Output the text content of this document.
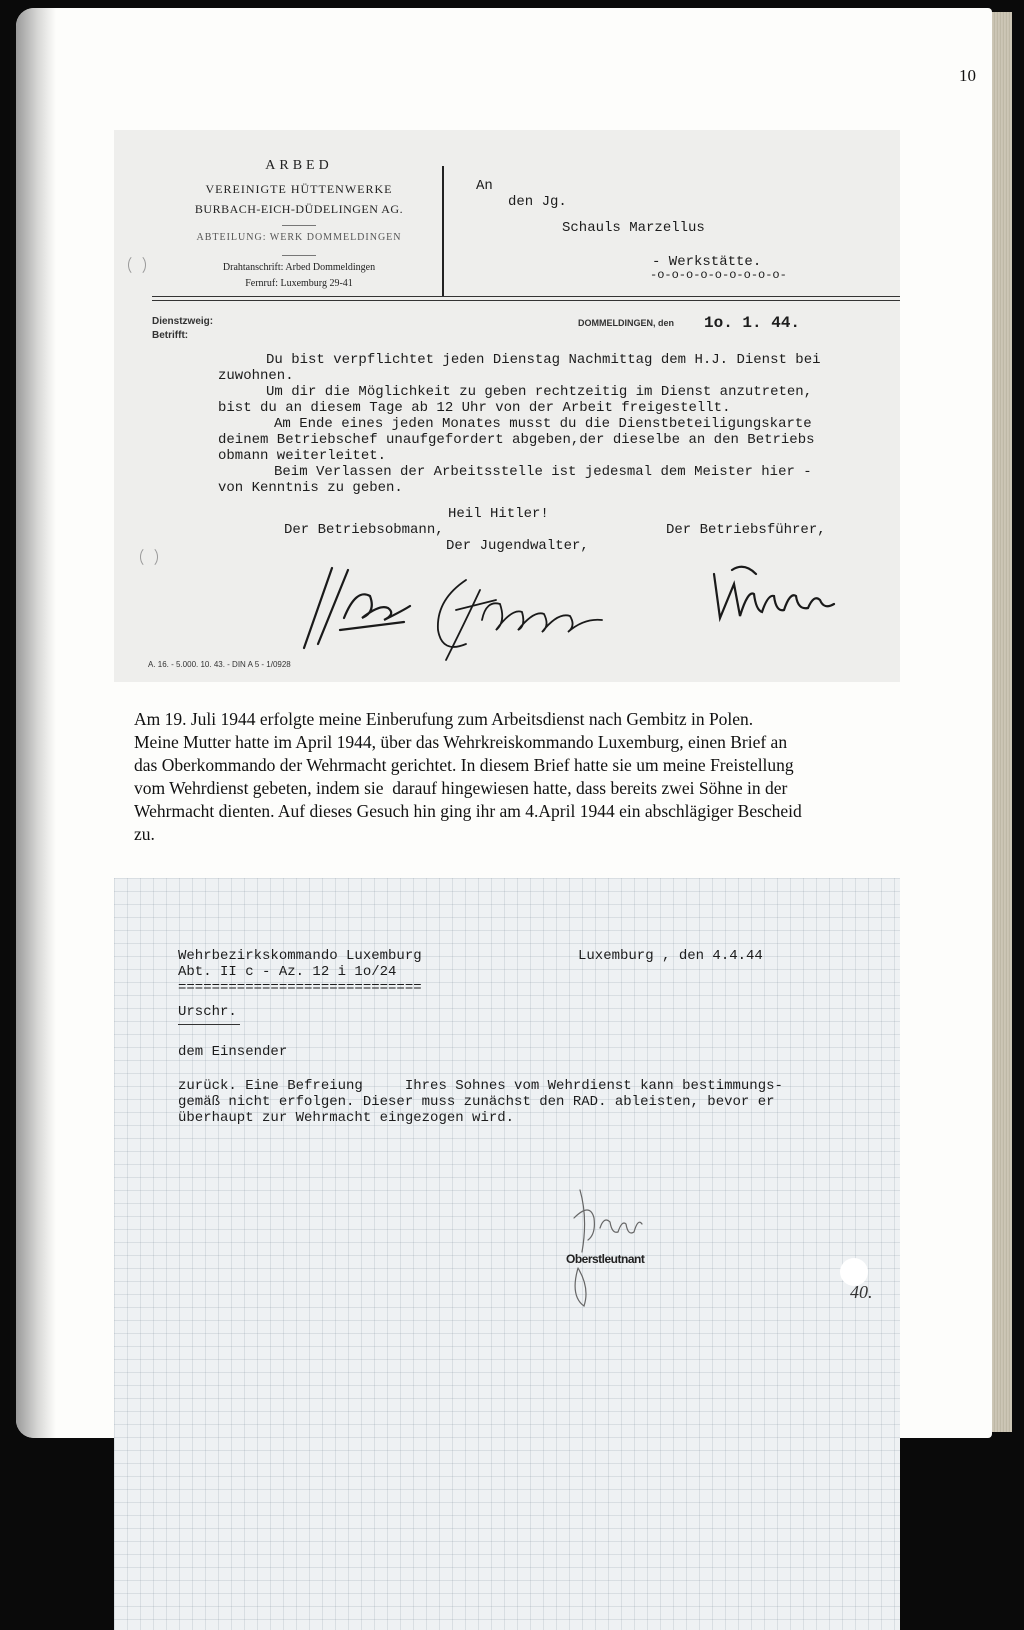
10
ARBED
VEREINIGTE HÜTTENWERKE
BURBACH-EICH-DÜDELINGEN AG.
ABTEILUNG: WERK DOMMELDINGEN
Drahtanschrift: Arbed Dommeldingen
Fernruf: Luxemburg 29-41
An
den Jg.
Schauls Marzellus
- Werkstätte.
-o-o-o-o-o-o-o-o-o-
Dienstzweig:
Betrifft:
DOMMELDINGEN, den 1o. 1. 44.
Du bist verpflichtet jeden Dienstag Nachmittag dem H.J. Dienst bei
zuwohnen.
Um dir die Möglichkeit zu geben rechtzeitig im Dienst anzutreten,
bist du an diesem Tage ab 12 Uhr von der Arbeit freigestellt.
Am Ende eines jeden Monates musst du die Dienstbeteiligungskarte
deinem Betriebschef unaufgefordert abgeben,der dieselbe an den Betriebs
obmann weiterleitet.
Beim Verlassen der Arbeitsstelle ist jedesmal dem Meister hier -
von Kenntnis zu geben.
Heil Hitler!
Der Betriebsobmann,
Der Jugendwalter,
Der Betriebsführer,
A. 16. - 5.000. 10. 43. - DIN A 5 - 1/0928

Am 19. Juli 1944 erfolgte meine Einberufung zum Arbeitsdienst nach Gembitz in Polen.

Meine Mutter hatte im April 1944, über das Wehrkreiskommando Luxemburg, einen Brief an

das Oberkommando der Wehrmacht gerichtet. In diesem Brief hatte sie um meine Freistellung

vom Wehrdienst gebeten, indem sie  darauf hingewiesen hatte, dass bereits zwei Söhne in der

Wehrmacht dienten. Auf dieses Gesuch hin ging ihr am 4.April 1944 ein abschlägiger Bescheid

zu.

Wehrbezirkskommando Luxemburg
Abt. II c - Az. 12 i 1o/24
=============================
Luxemburg , den 4.4.44
Urschr.
dem Einsender
zurück. Eine Befreiung     Ihres Sohnes vom Wehrdienst kann bestimmungs-
gemäß nicht erfolgen. Dieser muss zunächst den RAD. ableisten, bevor er
überhaupt zur Wehrmacht eingezogen wird.
Oberstleutnant
40.
